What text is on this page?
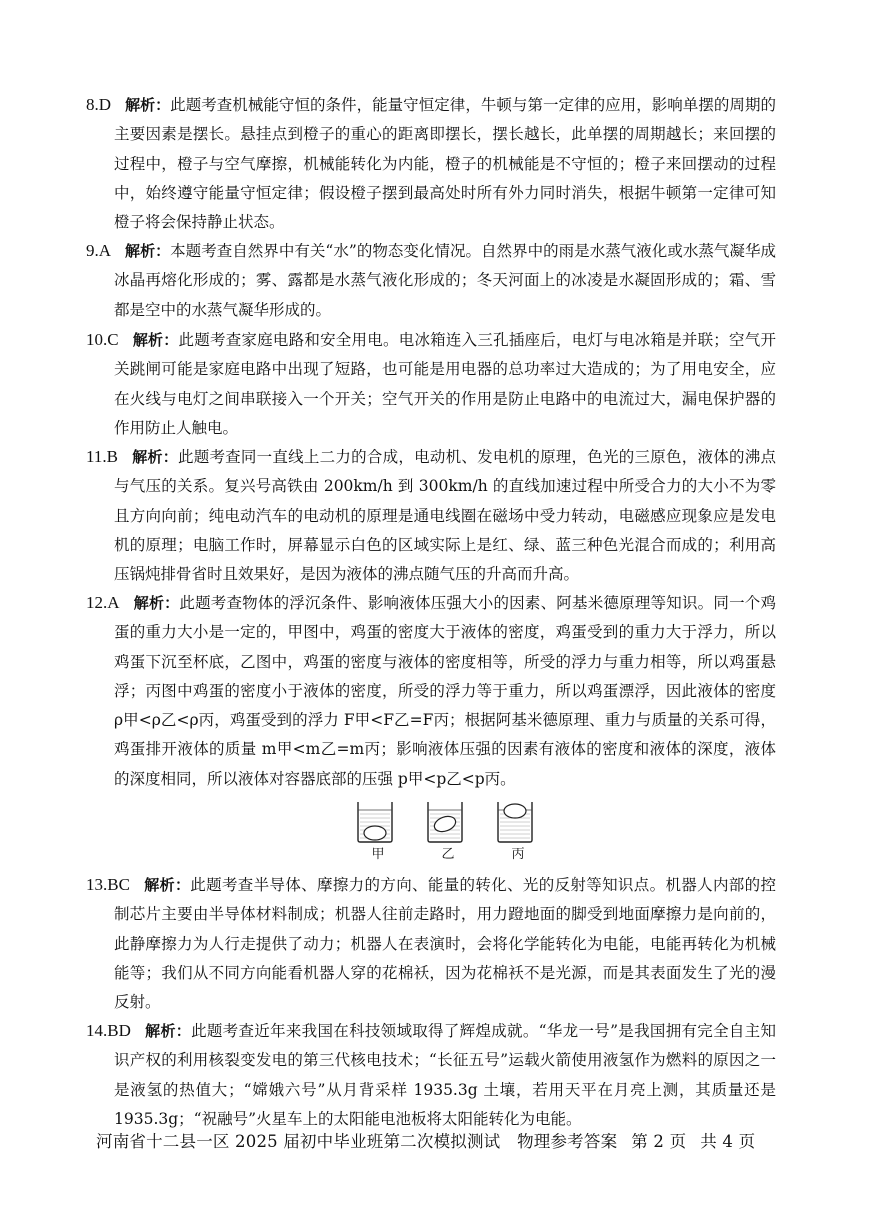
8.D 解析：此题考查机械能守恒的条件，能量守恒定律，牛顿与第一定律的应用，影响单摆的周期的主要因素是摆长。悬挂点到橙子的重心的距离即摆长，摆长越长，此单摆的周期越长；来回摆的过程中，橙子与空气摩擦，机械能转化为内能，橙子的机械能是不守恒的；橙子来回摆动的过程中，始终遵守能量守恒定律；假设橙子摆到最高处时所有外力同时消失，根据牛顿第一定律可知橙子将会保持静止状态。
9.A 解析：本题考查自然界中有关“水”的物态变化情况。自然界中的雨是水蒸气液化或水蒸气凝华成冰晶再熔化形成的；雾、露都是水蒸气液化形成的；冬天河面上的冰凌是水凝固形成的；霜、雪都是空中的水蒸气凝华形成的。
10.C 解析：此题考查家庭电路和安全用电。电冰箱连入三孔插座后，电灯与电冰箱是并联；空气开关跳闸可能是家庭电路中出现了短路，也可能是用电器的总功率过大造成的；为了用电安全，应在火线与电灯之间串联接入一个开关；空气开关的作用是防止电路中的电流过大，漏电保护器的作用防止人触电。
11.B 解析：此题考查同一直线上二力的合成，电动机、发电机的原理，色光的三原色，液体的沸点与气压的关系。复兴号高铁由 200km/h 到 300km/h 的直线加速过程中所受合力的大小不为零且方向向前；纯电动汽车的电动机的原理是通电线圈在磁场中受力转动，电磁感应现象应是发电机的原理；电脑工作时，屏幕显示白色的区域实际上是红、绿、蓝三种色光混合而成的；利用高压锅炖排骨省时且效果好，是因为液体的沸点随气压的升高而升高。
12.A 解析：此题考查物体的浮沉条件、影响液体压强大小的因素、阿基米德原理等知识。同一个鸡蛋的重力大小是一定的，甲图中，鸡蛋的密度大于液体的密度，鸡蛋受到的重力大于浮力，所以鸡蛋下沉至杯底，乙图中，鸡蛋的密度与液体的密度相等，所受的浮力与重力相等，所以鸡蛋悬浮；丙图中鸡蛋的密度小于液体的密度，所受的浮力等于重力，所以鸡蛋漂浮，因此液体的密度 ρ甲<ρ乙<ρ丙，鸡蛋受到的浮力 F甲<F乙=F丙；根据阿基米德原理、重力与质量的关系可得，鸡蛋排开液体的质量 m甲<m乙=m丙；影响液体压强的因素有液体的密度和液体的深度，液体的深度相同，所以液体对容器底部的压强 p甲<p乙<p丙。
甲	乙	丙
13.BC 解析：此题考查半导体、摩擦力的方向、能量的转化、光的反射等知识点。机器人内部的控制芯片主要由半导体材料制成；机器人往前走路时，用力蹬地面的脚受到地面摩擦力是向前的，此静摩擦力为人行走提供了动力；机器人在表演时，会将化学能转化为电能，电能再转化为机械能等；我们从不同方向能看机器人穿的花棉袄，因为花棉袄不是光源，而是其表面发生了光的漫反射。
14.BD 解析：此题考查近年来我国在科技领域取得了辉煌成就。“华龙一号”是我国拥有完全自主知识产权的利用核裂变发电的第三代核电技术；“长征五号”运载火箭使用液氢作为燃料的原因之一是液氢的热值大；“嫦娥六号”从月背采样 1935.3g 土壤，若用天平在月亮上测，其质量还是 1935.3g；“祝融号”火星车上的太阳能电池板将太阳能转化为电能。
河南省十二县一区 2025 届初中毕业班第二次模拟测试　物理参考答案 第 2 页 共 4 页
